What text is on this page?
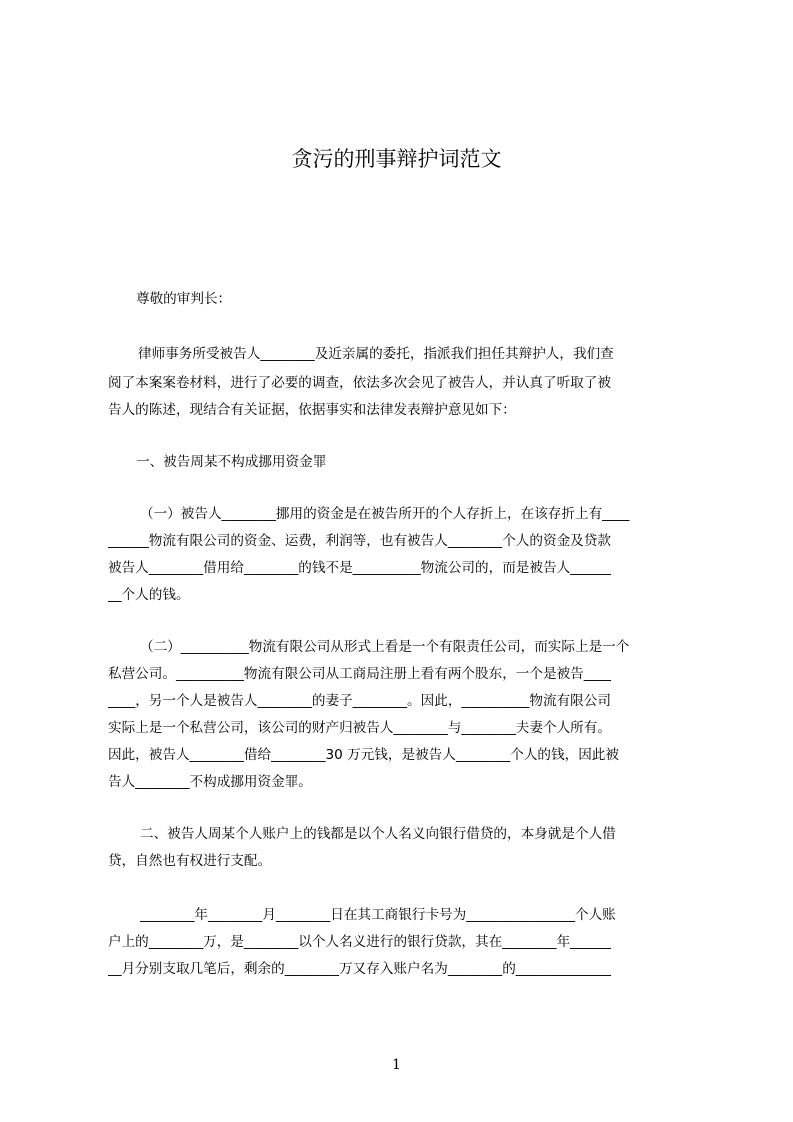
贪污的刑事辩护词范文
尊敬的审判长：
律师事务所受被告人________及近亲属的委托，指派我们担任其辩护人，我们查
阅了本案案卷材料，进行了必要的调查，依法多次会见了被告人，并认真了听取了被
告人的陈述，现结合有关证据，依据事实和法律发表辩护意见如下：
一、被告周某不构成挪用资金罪
（一）被告人________挪用的资金是在被告所开的个人存折上，在该存折上有____
______物流有限公司的资金、运费，利润等，也有被告人________个人的资金及贷款
被告人________借用给________的钱不是__________物流公司的，而是被告人______
__个人的钱。
（二）__________物流有限公司从形式上看是一个有限责任公司，而实际上是一个
私营公司。__________物流有限公司从工商局注册上看有两个股东，一个是被告____
____，另一个人是被告人________的妻子________。因此，__________物流有限公司
实际上是一个私营公司，该公司的财产归被告人________与________夫妻个人所有。
因此，被告人________借给________30 万元钱，是被告人________个人的钱，因此被
告人________不构成挪用资金罪。
二、被告人周某个人账户上的钱都是以个人名义向银行借贷的，本身就是个人借
贷，自然也有权进行支配。
________年________月________日在其工商银行卡号为________________个人账
户上的________万，是________以个人名义进行的银行贷款，其在________年______
__月分别支取几笔后，剩余的________万又存入账户名为________的______________
1
